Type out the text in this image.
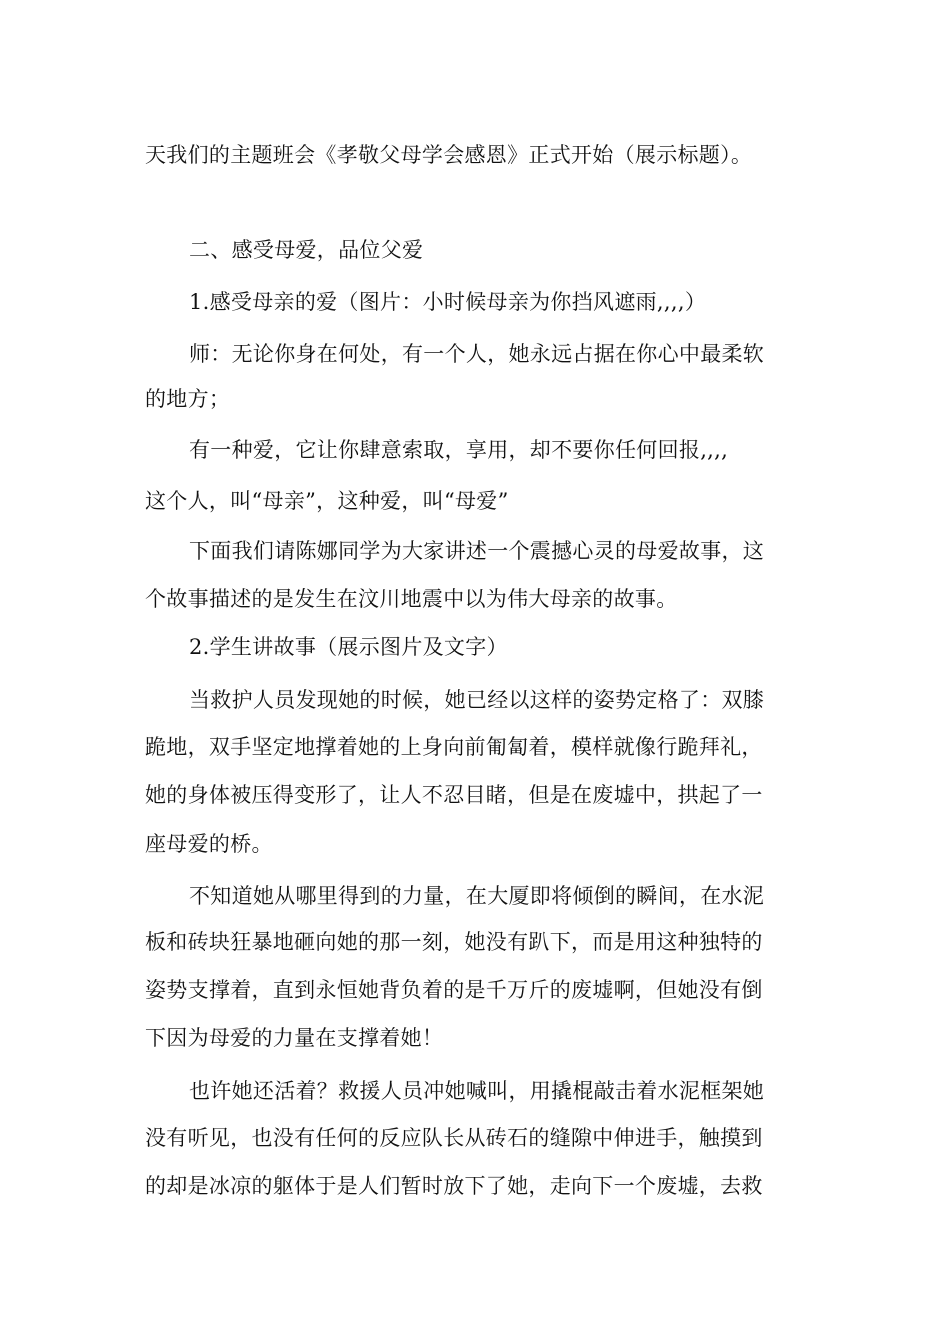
天我们的主题班会《孝敬父母学会感恩》正式开始（展示标题）。

二、感受母爱，品位父爱

1.感受母亲的爱（图片：小时候母亲为你挡风遮雨,,,,）

师：无论你身在何处，有一个人，她永远占据在你心中最柔软

的地方；

有一种爱，它让你肆意索取，享用，却不要你任何回报,,,,

这个人，叫“母亲”，这种爱，叫“母爱”

下面我们请陈娜同学为大家讲述一个震撼心灵的母爱故事，这

个故事描述的是发生在汶川地震中以为伟大母亲的故事。

2.学生讲故事（展示图片及文字）

当救护人员发现她的时候，她已经以这样的姿势定格了：双膝

跪地，双手坚定地撑着她的上身向前匍匐着，模样就像行跪拜礼，

她的身体被压得变形了，让人不忍目睹，但是在废墟中，拱起了一

座母爱的桥。

不知道她从哪里得到的力量，在大厦即将倾倒的瞬间，在水泥

板和砖块狂暴地砸向她的那一刻，她没有趴下，而是用这种独特的

姿势支撑着，直到永恒她背负着的是千万斤的废墟啊，但她没有倒

下因为母爱的力量在支撑着她！

也许她还活着？救援人员冲她喊叫，用撬棍敲击着水泥框架她

没有听见，也没有任何的反应队长从砖石的缝隙中伸进手，触摸到

的却是冰凉的躯体于是人们暂时放下了她，走向下一个废墟，去救
